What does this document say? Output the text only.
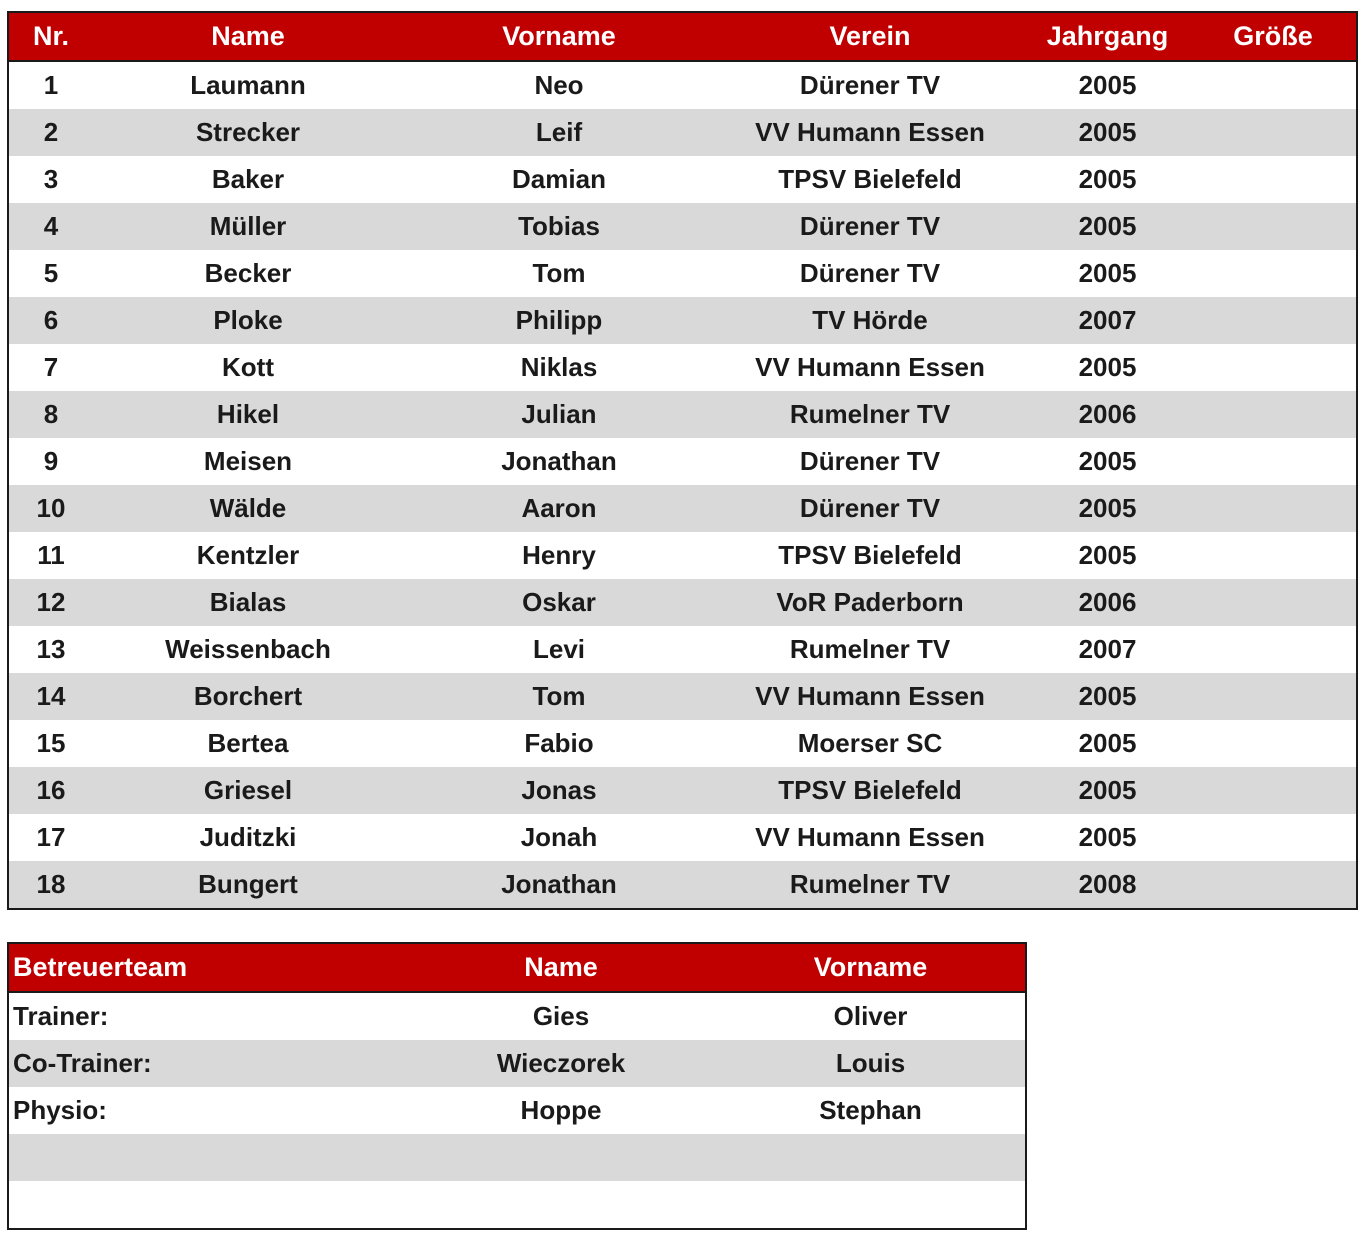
Nr.	Name	Vorname	Verein	Jahrgang	Größe
1	Laumann	Neo	Dürener TV	2005	
2	Strecker	Leif	VV Humann Essen	2005	
3	Baker	Damian	TPSV Bielefeld	2005	
4	Müller	Tobias	Dürener TV	2005	
5	Becker	Tom	Dürener TV	2005	
6	Ploke	Philipp	TV Hörde	2007	
7	Kott	Niklas	VV Humann Essen	2005	
8	Hikel	Julian	Rumelner TV	2006	
9	Meisen	Jonathan	Dürener TV	2005	
10	Wälde	Aaron	Dürener TV	2005	
11	Kentzler	Henry	TPSV Bielefeld	2005	
12	Bialas	Oskar	VoR Paderborn	2006	
13	Weissenbach	Levi	Rumelner TV	2007	
14	Borchert	Tom	VV Humann Essen	2005	
15	Bertea	Fabio	Moerser SC	2005	
16	Griesel	Jonas	TPSV Bielefeld	2005	
17	Juditzki	Jonah	VV Humann Essen	2005	
18	Bungert	Jonathan	Rumelner TV	2008	
Betreuerteam	Name	Vorname
Trainer:	Gies	Oliver
Co-Trainer:	Wieczorek	Louis
Physio:	Hoppe	Stephan
